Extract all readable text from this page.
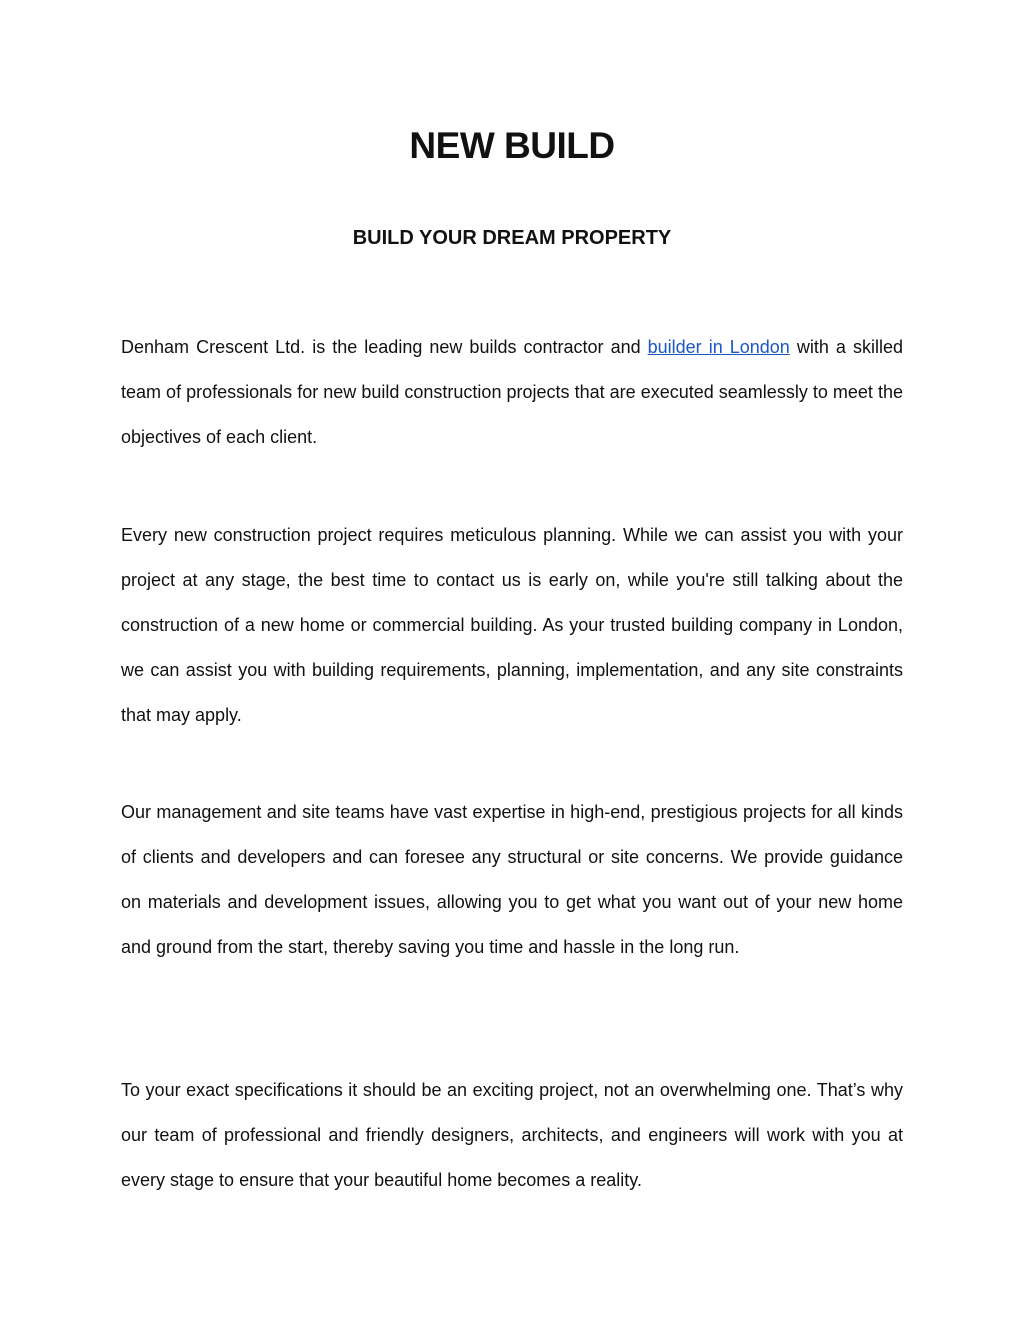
NEW BUILD
BUILD YOUR DREAM PROPERTY

Denham Crescent Ltd. is the leading new builds contractor and builder in London with a skilled team of professionals for new build construction projects that are executed seamlessly to meet the objectives of each client.

Every new construction project requires meticulous planning. While we can assist you with your project at any stage, the best time to contact us is early on, while you're still talking about the construction of a new home or commercial building. As your trusted building company in London, we can assist you with building requirements, planning, implementation, and any site constraints that may apply.

Our management and site teams have vast expertise in high-end, prestigious projects for all kinds of clients and developers and can foresee any structural or site concerns. We provide guidance on materials and development issues, allowing you to get what you want out of your new home and ground from the start, thereby saving you time and hassle in the long run.

To your exact specifications it should be an exciting project, not an overwhelming one. That’s why our team of professional and friendly designers, architects, and engineers will work with you at every stage to ensure that your beautiful home becomes a reality.
